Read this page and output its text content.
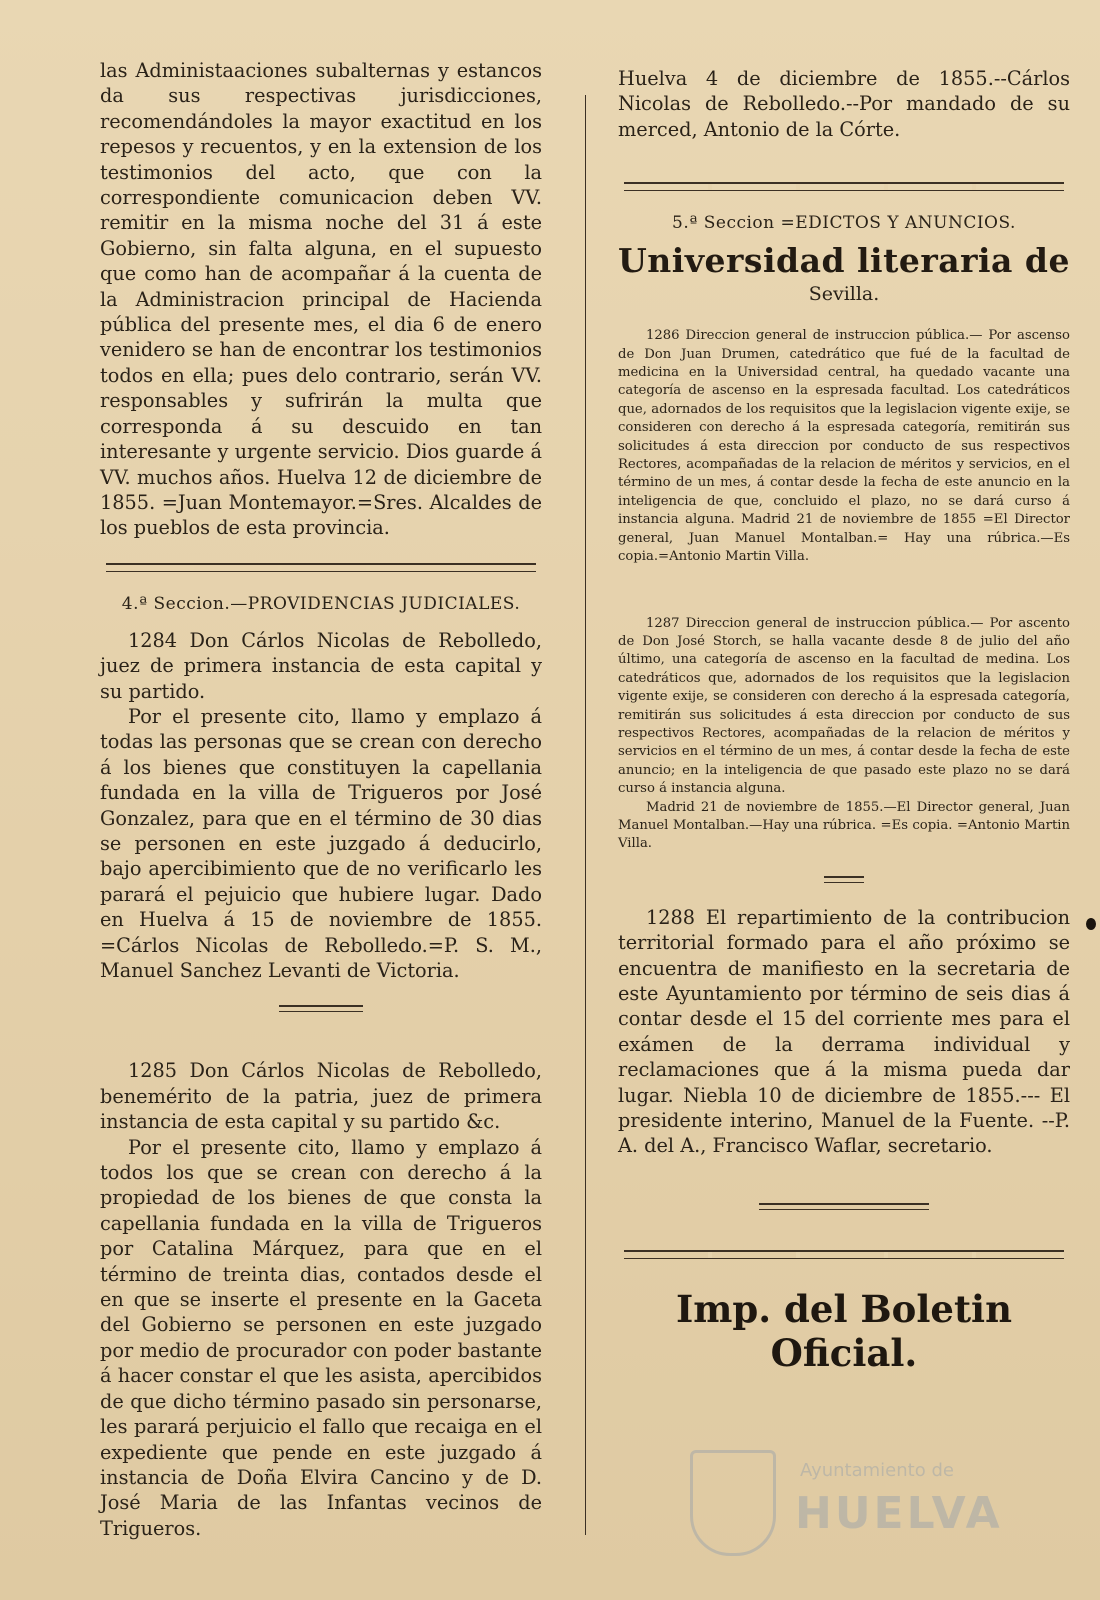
las Administaaciones subalternas y estancos da sus respectivas jurisdicciones, recomendándoles la mayor exactitud en los repesos y recuentos, y en la extension de los testimonios del acto, que con la correspondiente comunicacion deben VV. remitir en la misma noche del 31 á este Gobierno, sin falta alguna, en el supuesto que como han de acompañar á la cuenta de la Administracion principal de Hacienda pública del presente mes, el dia 6 de enero venidero se han de encontrar los testimonios todos en ella; pues delo contrario, serán VV. responsables y sufrirán la multa que corresponda á su descuido en tan interesante y urgente servicio. Dios guarde á VV. muchos años. Huelva 12 de diciembre de 1855. =Juan Montemayor.=Sres. Alcaldes de los pueblos de esta provincia.

4.ª Seccion.—PROVIDENCIAS JUDICIALES.

1284 Don Cárlos Nicolas de Rebolledo, juez de primera instancia de esta capital y su partido.

Por el presente cito, llamo y emplazo á todas las personas que se crean con derecho á los bienes que constituyen la capellania fundada en la villa de Trigueros por José Gonzalez, para que en el término de 30 dias se personen en este juzgado á deducirlo, bajo apercibimiento que de no verificarlo les parará el pejuicio que hubiere lugar. Dado en Huelva á 15 de noviembre de 1855. =Cárlos Nicolas de Rebolledo.=P. S. M., Manuel Sanchez Levanti de Victoria.

1285 Don Cárlos Nicolas de Rebolledo, benemérito de la patria, juez de primera instancia de esta capital y su partido &c.

Por el presente cito, llamo y emplazo á todos los que se crean con derecho á la propiedad de los bienes de que consta la capellania fundada en la villa de Trigueros por Catalina Márquez, para que en el término de treinta dias, contados desde el en que se inserte el presente en la Gaceta del Gobierno se personen en este juzgado por medio de procurador con poder bastante á hacer constar el que les asista, apercibidos de que dicho término pasado sin personarse, les parará perjuicio el fallo que recaiga en el expediente que pende en este juzgado á instancia de Doña Elvira Cancino y de D. José Maria de las Infantas vecinos de Trigueros.

Huelva 4 de diciembre de 1855.--Cárlos Nicolas de Rebolledo.--Por mandado de su merced, Antonio de la Córte.

5.ª Seccion =EDICTOS Y ANUNCIOS.
Universidad literaria de
Sevilla.

1286 Direccion general de instruccion pública.— Por ascenso de Don Juan Drumen, catedrático que fué de la facultad de medicina en la Universidad central, ha quedado vacante una categoría de ascenso en la espresada facultad. Los catedráticos que, adornados de los requisitos que la legislacion vigente exije, se consideren con derecho á la espresada categoría, remitirán sus solicitudes á esta direccion por conducto de sus respectivos Rectores, acompañadas de la relacion de méritos y servicios, en el término de un mes, á contar desde la fecha de este anuncio en la inteligencia de que, concluido el plazo, no se dará curso á instancia alguna. Madrid 21 de noviembre de 1855 =El Director general, Juan Manuel Montalban.= Hay una rúbrica.—Es copia.=Antonio Martin Villa.

1287 Direccion general de instruccion pública.— Por ascento de Don José Storch, se halla vacante desde 8 de julio del año último, una categoría de ascenso en la facultad de medina. Los catedráticos que, adornados de los requisitos que la legislacion vigente exije, se consideren con derecho á la espresada categoría, remitirán sus solicitudes á esta direccion por conducto de sus respectivos Rectores, acompañadas de la relacion de méritos y servicios en el término de un mes, á contar desde la fecha de este anuncio; en la inteligencia de que pasado este plazo no se dará curso á instancia alguna.

Madrid 21 de noviembre de 1855.—El Director general, Juan Manuel Montalban.—Hay una rúbrica. =Es copia. =Antonio Martin Villa.

1288 El repartimiento de la contribucion territorial formado para el año próximo se encuentra de manifiesto en la secretaria de este Ayuntamiento por término de seis dias á contar desde el 15 del corriente mes para el exámen de la derrama individual y reclamaciones que á la misma pueda dar lugar. Niebla 10 de diciembre de 1855.--- El presidente interino, Manuel de la Fuente. --P. A. del A., Francisco Waflar, secretario.

Imp. del Boletin Oficial.
Ayuntamiento de
HUELVA
